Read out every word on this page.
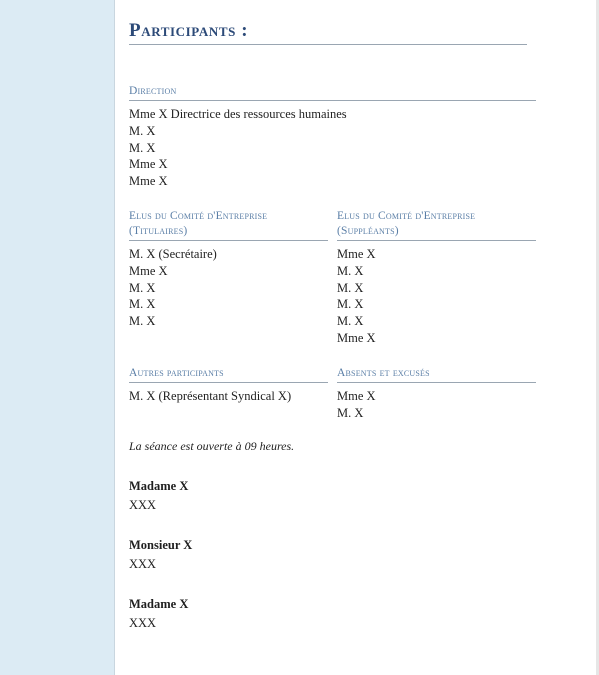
Participants :
Direction
Mme X Directrice des ressources humaines
M. X
M. X
Mme X
Mme X
Elus du Comité d'Entreprise
(Titulaires)
M. X (Secrétaire)
Mme X
M. X
M. X
M. X
Elus du Comité d'Entreprise
(Suppléants)
Mme X
M. X
M. X
M. X
M. X
Mme X
Autres participants
M. X (Représentant Syndical X)
Absents et excusés
Mme X
M. X
La séance est ouverte à 09 heures.
Madame X
XXX
Monsieur X
XXX
Madame X
XXX
